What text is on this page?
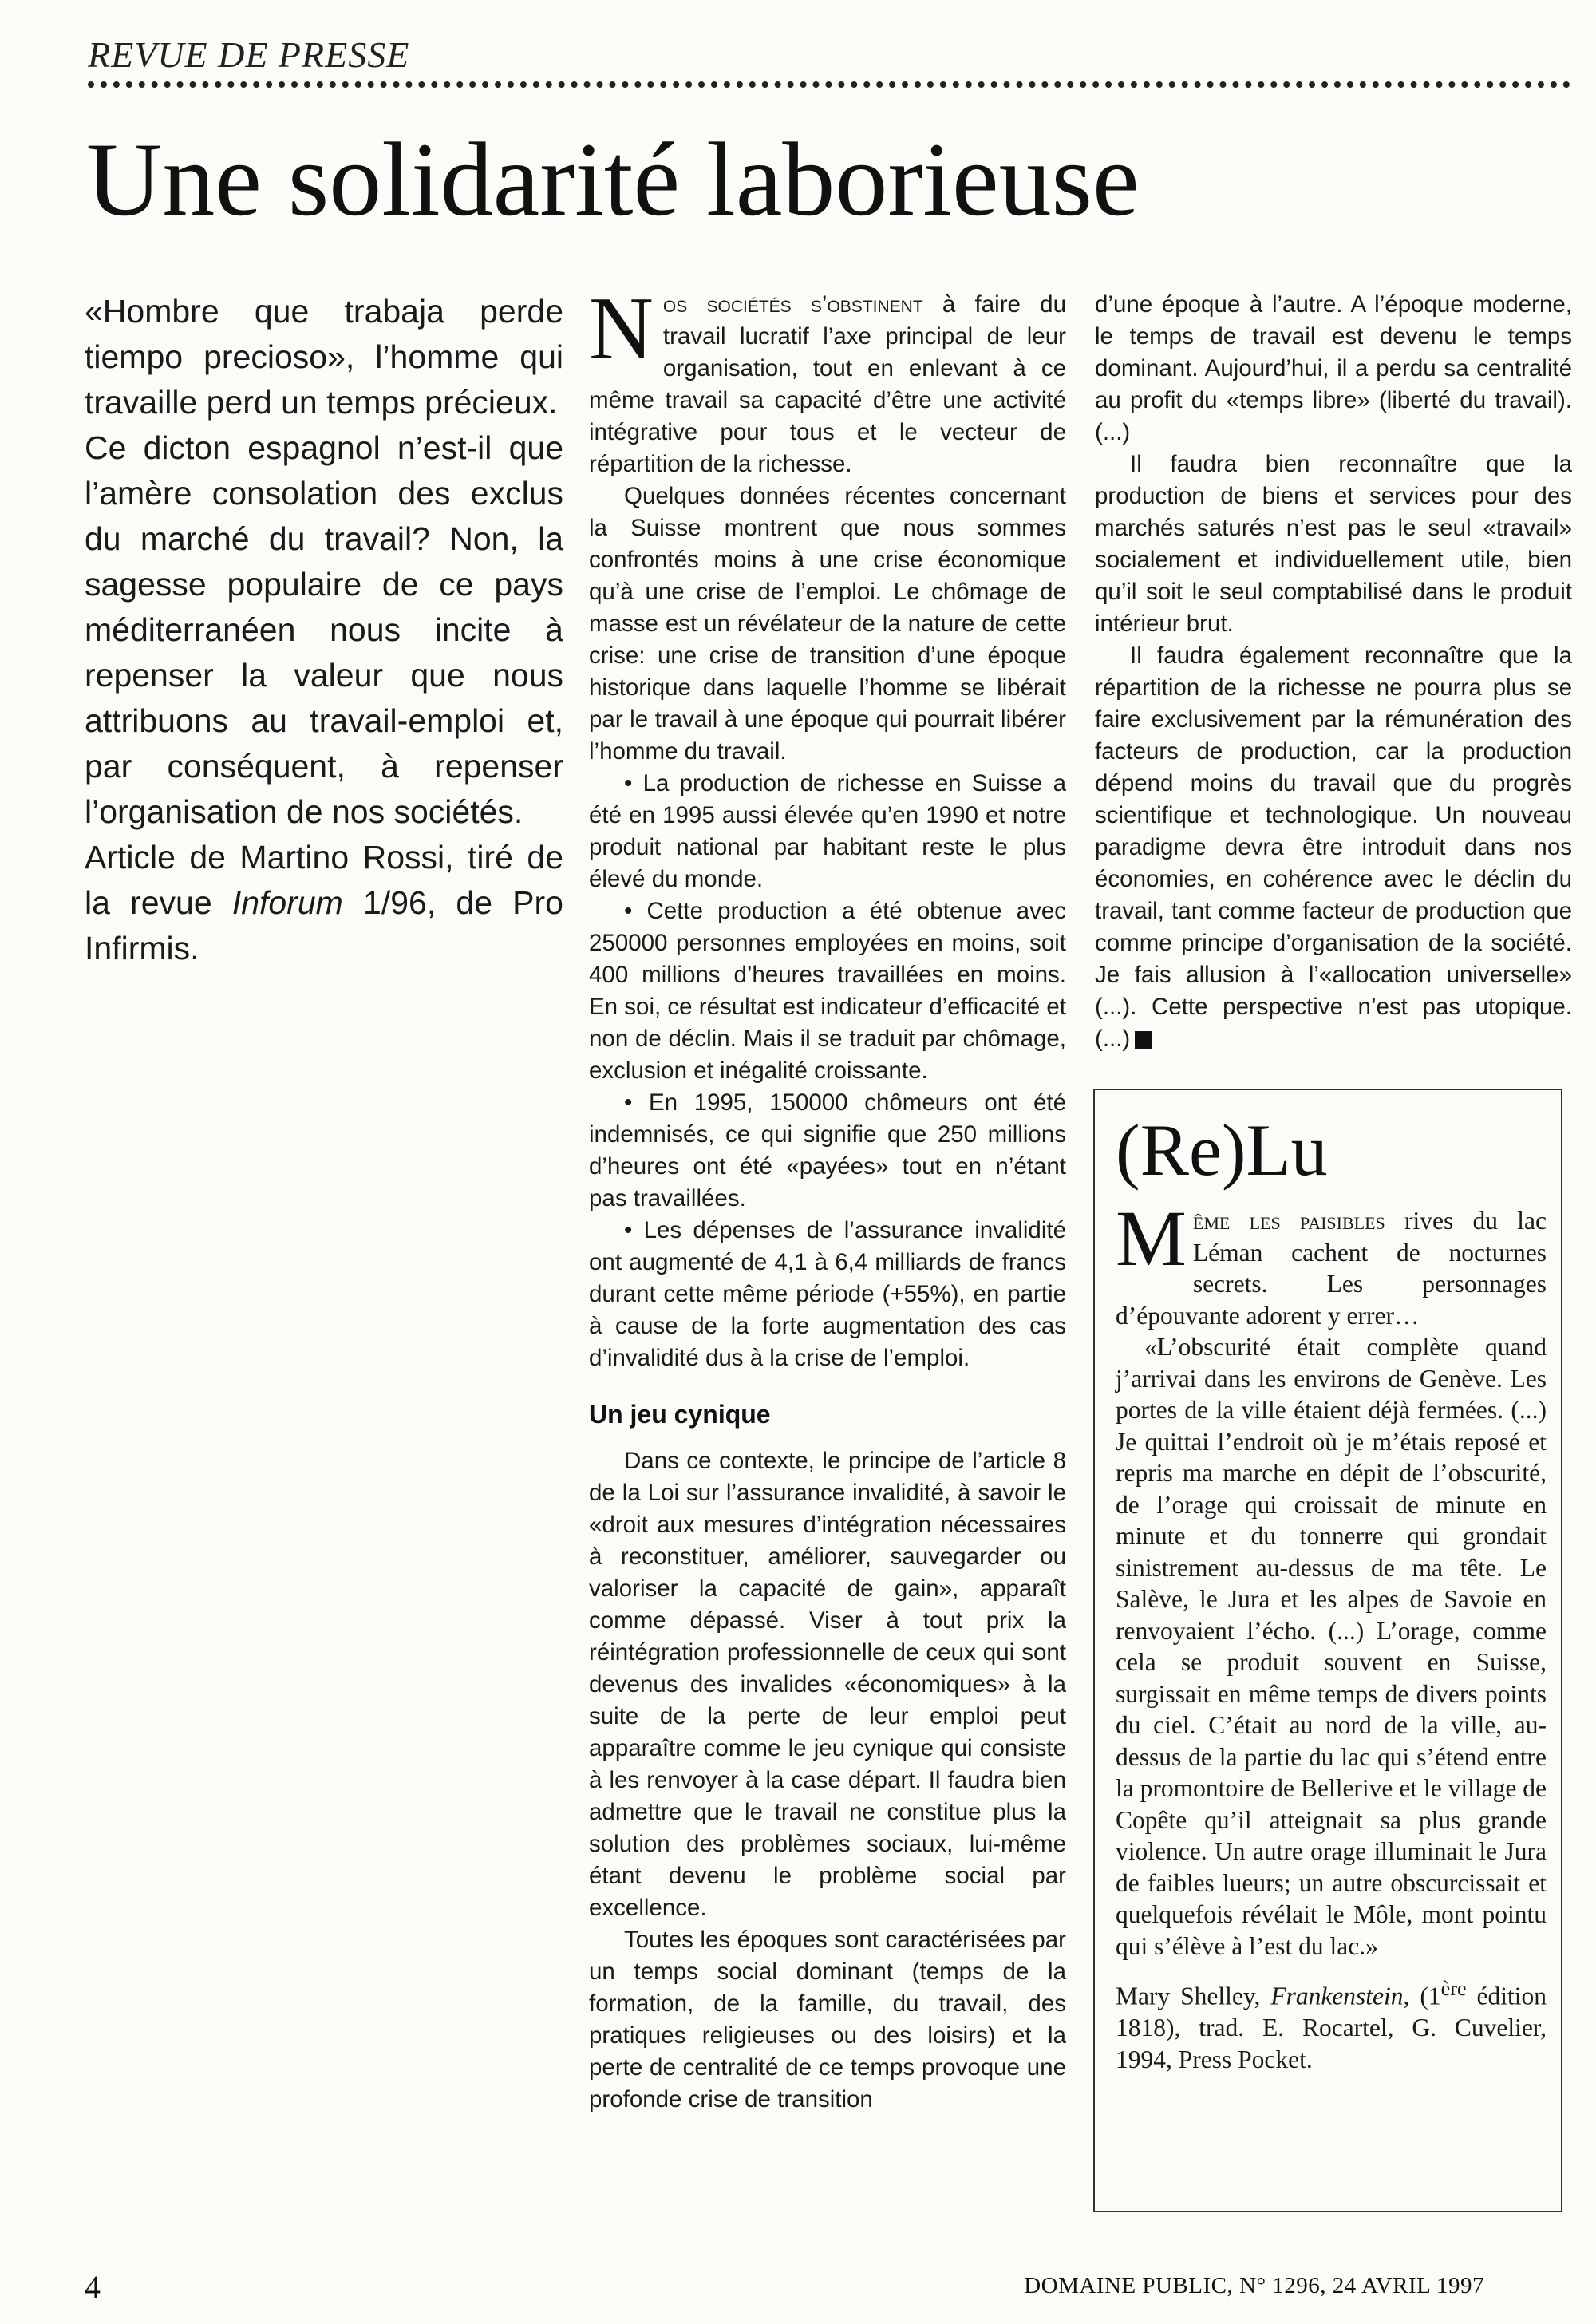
REVUE DE PRESSE
Une solidarité laborieuse

«Hombre que trabaja perde tiempo precioso», l’homme qui travaille perd un temps précieux.

Ce dicton espagnol n’est-il que l’amère consolation des exclus du marché du travail? Non, la sagesse populaire de ce pays méditerranéen nous incite à repenser la valeur que nous attribuons au travail-emploi et, par conséquent, à repenser l’organisation de nos sociétés.

Article de Martino Rossi, tiré de la revue Inforum 1/96, de Pro Infirmis.

Nos sociétés s’obstinent à faire du travail lucratif l’axe principal de leur organisation, tout en enlevant à ce même travail sa capacité d’être une activité intégrative pour tous et le vecteur de répartition de la richesse.

Quelques données récentes concernant la Suisse montrent que nous sommes confrontés moins à une crise économique qu’à une crise de l’emploi. Le chômage de masse est un révélateur de la nature de cette crise: une crise de transition d’une époque historique dans laquelle l’homme se libérait par le travail à une époque qui pourrait libérer l’homme du travail.

• La production de richesse en Suisse a été en 1995 aussi élevée qu’en 1990 et notre produit national par habitant reste le plus élevé du monde.

• Cette production a été obtenue avec 250000 personnes employées en moins, soit 400 millions d’heures travaillées en moins. En soi, ce résultat est indicateur d’efficacité et non de déclin. Mais il se traduit par chômage, exclusion et inégalité croissante.

• En 1995, 150000 chômeurs ont été indemnisés, ce qui signifie que 250 millions d’heures ont été «payées» tout en n’étant pas travaillées.

• Les dépenses de l’assurance invalidité ont augmenté de 4,1 à 6,4 milliards de francs durant cette même période (+55%), en partie à cause de la forte augmentation des cas d’invalidité dus à la crise de l’emploi.

Un jeu cynique

Dans ce contexte, le principe de l’article 8 de la Loi sur l’assurance invalidité, à savoir le «droit aux mesures d’intégration nécessaires à reconstituer, améliorer, sauvegarder ou valoriser la capacité de gain», apparaît comme dépassé. Viser à tout prix la réintégration professionnelle de ceux qui sont devenus des invalides «économiques» à la suite de la perte de leur emploi peut apparaître comme le jeu cynique qui consiste à les renvoyer à la case départ. Il faudra bien admettre que le travail ne constitue plus la solution des problèmes sociaux, lui-même étant devenu le problème social par excellence.

Toutes les époques sont caractérisées par un temps social dominant (temps de la formation, de la famille, du travail, des pratiques religieuses ou des loisirs) et la perte de centralité de ce temps provoque une profonde crise de transition

d’une époque à l’autre. A l’époque moderne, le temps de travail est devenu le temps dominant. Aujourd’hui, il a perdu sa centralité au profit du «temps libre» (liberté du travail). (...)

Il faudra bien reconnaître que la production de biens et services pour des marchés saturés n’est pas le seul «travail» socialement et individuellement utile, bien qu’il soit le seul comptabilisé dans le produit intérieur brut.

Il faudra également reconnaître que la répartition de la richesse ne pourra plus se faire exclusivement par la rémunération des facteurs de production, car la production dépend moins du travail que du progrès scientifique et technologique. Un nouveau paradigme devra être introduit dans nos économies, en cohérence avec le déclin du travail, tant comme facteur de production que comme principe d’organisation de la société. Je fais allusion à l’«allocation universelle» (...). Cette perspective n’est pas utopique. (...)

(Re)Lu

Même les paisibles rives du lac Léman cachent de nocturnes secrets. Les personnages d’épouvante adorent y errer…

«L’obscurité était complète quand j’arrivai dans les environs de Genève. Les portes de la ville étaient déjà fermées. (...) Je quittai l’endroit où je m’étais reposé et repris ma marche en dépit de l’obscurité, de l’orage qui croissait de minute en minute et du tonnerre qui grondait sinistrement au-dessus de ma tête. Le Salève, le Jura et les alpes de Savoie en renvoyaient l’écho. (...) L’orage, comme cela se produit souvent en Suisse, surgissait en même temps de divers points du ciel. C’était au nord de la ville, au-dessus de la partie du lac qui s’étend entre la promontoire de Bellerive et le village de Copête qu’il atteignait sa plus grande violence. Un autre orage illuminait le Jura de faibles lueurs; un autre obscurcissait et quelquefois révélait le Môle, mont pointu qui s’élève à l’est du lac.»

Mary Shelley, Frankenstein, (1ère édition 1818), trad. E. Rocartel, G. Cuvelier, 1994, Press Pocket.

4	DOMAINE PUBLIC, N° 1296, 24 AVRIL 1997
